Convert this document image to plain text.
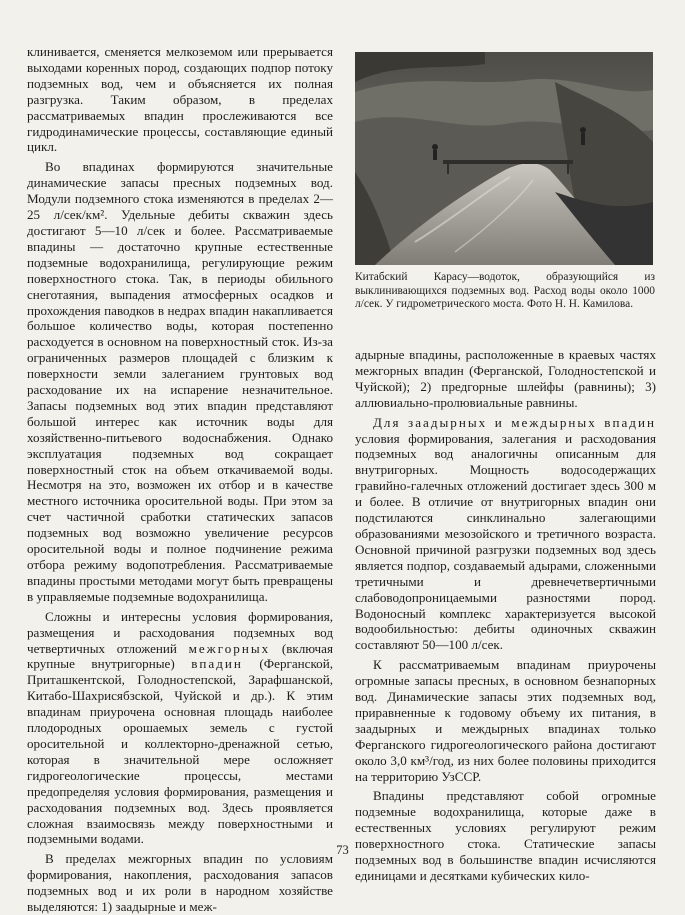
клинивается, сменяется мелкоземом или прерывается выходами коренных пород, создающих подпор потоку подземных вод, чем и объясняется их полная разгрузка. Таким образом, в пределах рассматриваемых впадин прослеживаются все гидродинамические процессы, составляющие единый цикл.

Во впадинах формируются значительные динамические запасы пресных подземных вод. Модули подземного стока изменяются в пределах 2—25 л/сек/км². Удельные дебиты скважин здесь достигают 5—10 л/сек и более. Рассматриваемые впадины — достаточно крупные естественные подземные водохранилища, регулирующие режим поверхностного стока. Так, в периоды обильного снеготаяния, выпадения атмосферных осадков и прохождения паводков в недрах впадин накапливается большое количество воды, которая постепенно расходуется в основном на поверхностный сток. Из-за ограниченных размеров площадей с близким к поверхности земли залеганием грунтовых вод расходование их на испарение незначительное. Запасы подземных вод этих впадин представляют большой интерес как источник воды для хозяйственно-питьевого водоснабжения. Однако эксплуатация подземных вод сокращает поверхностный сток на объем откачиваемой воды. Несмотря на это, возможен их отбор и в качестве местного источника оросительной воды. При этом за счет частичной сработки статических запасов подземных вод возможно увеличение ресурсов оросительной воды и полное подчинение режима отбора режиму водопотребления. Рассматриваемые впадины простыми методами могут быть превращены в управляемые подземные водохранилища.

Сложны и интересны условия формирования, размещения и расходования подземных вод четвертичных отложений межгорных (включая крупные внутригорные) впадин (Ферганской, Приташкентской, Голодностепской, Зарафшанской, Китабо-Шахрисябзской, Чуйской и др.). К этим впадинам приурочена основная площадь наиболее плодородных орошаемых земель с густой оросительной и коллекторно-дренажной сетью, которая в значительной мере осложняет гидрогеологические процессы, местами предопределяя условия формирования, размещения и расходования подземных вод. Здесь проявляется сложная взаимосвязь между поверхностными и подземными водами.

В пределах межгорных впадин по условиям формирования, накопления, расходования запасов подземных вод и их роли в народном хозяйстве выделяются: 1) заадырные и меж-

Китабский Карасу—водоток, образующийся из выклинивающихся подземных вод. Расход воды около 1000 л/сек. У гидрометрического моста. Фото Н. Н. Камилова.

адырные впадины, расположенные в краевых частях межгорных впадин (Ферганской, Голодностепской и Чуйской); 2) предгорные шлейфы (равнины); 3) аллювиально-пролювиальные равнины.

Для заадырных и междырных впадин условия формирования, залегания и расходования подземных вод аналогичны описанным для внутригорных. Мощность водосодержащих гравийно-галечных отложений достигает здесь 300 м и более. В отличие от внутригорных впадин они подстилаются синклинально залегающими образованиями мезозойского и третичного возраста. Основной причиной разгрузки подземных вод здесь является подпор, создаваемый адырами, сложенными третичными и древнечетвертичными слабоводопроницаемыми разностями пород. Водоносный комплекс характеризуется высокой водообильностью: дебиты одиночных скважин составляют 50—100 л/сек.

К рассматриваемым впадинам приурочены огромные запасы пресных, в основном безнапорных вод. Динамические запасы этих подземных вод, приравненные к годовому объему их питания, в заадырных и междырных впадинах только Ферганского гидрогеологического района достигают около 3,0 км³/год, из них более половины приходится на территорию УзССР.

Впадины представляют собой огромные подземные водохранилища, которые даже в естественных условиях регулируют режим поверхностного стока. Статические запасы подземных вод в большинстве впадин исчисляются единицами и десятками кубических кило-

73
